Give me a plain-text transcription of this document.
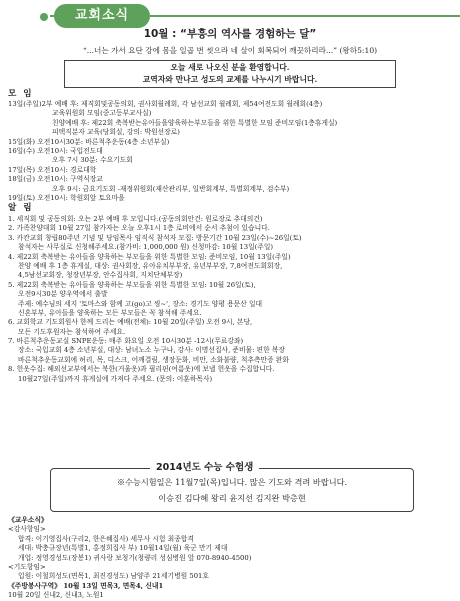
교회소식
10월 : “부흥의 역사를 경험하는 달”
“...너는 가서 요단 강에 몸을 일곱 번 씻으라 네 살이 회복되어 깨끗하리라...” (왕하5:10)
오늘 새로 나오신 분을 환영합니다.
교역자와 만나고 성도의 교제를 나누시기 바랍니다.
모 임
13일(주일)2부 예배 후: 제직회및공동의회, 권사회월례회, 각 남선교회 월례회, 제54여전도회 월례회(4층)
교육위원회 모임(중고등부교사실)
친양예배 후: 제22회 축복받는유아들을양육하는부모들을 위한 특별한 모임 준비모임(1층휴게실)
피택직분자 교육(당회실, 강의: 박원선장로)
15일(화) 오전10시30분: 바른척추운동(4층 소년부실)
16일(수) 오전10시: 국입전도대
오후 7시 30분: 수요기도회
17일(목) 오전10시: 경로대학
18일(금) 오전10시: 구역식장교
오후 9시: 금요기도회 -재정위원회(재산관리부, 일반회계부, 특별회계부, 검수부)
19일(토) 오전10시: 학원회앞 토요마을
알 림
1. 세직회 및 공동의회: 오는 2부 예배 후 모입니다.(공동의회안건: 원로장로 추대의건)
2. 가족찬양대회 10월 27일 참가자는 오늘 오후1시 1층 로비에서 순서 추첨이 있습니다.
3. 카칸교회 창립80주년 기념 및 당임목사 임직식 참석자 모집: 방문기간 10월 23일(수)~26일(토)
참석자는 사무실로 신청해주세요.(참가비: 1,000,000 원) 신청마감: 10월 13일(주일)
4. 제22회 축복받는 유아들을 양육하는 부모들을 위한 특별한 모임: 준비모임, 10월 13일(주일)
찬양 예배 후 1층 휴게실, 대상: 권사회장, 유아유치부부장, 유년부부장, 7,8여전도회회장,
4,5남선교회장, 청장년부장, 안수집사회, 지치단체부장)
5. 제22회 축복받는 유아들을 양육하는 부모들을 위한 특별한 모임: 10월 26일(토),
오전9시30분 양우역에서 출발
주제: 예수님의 세지 '토마스와 함께 고(go)고 씽~', 장소: 경기도 양평 용문산 일대
신혼부부, 유아들을 양육하는 모든 부모들은 꼭 참석해 주세요.
6. 교회학교 기도회원사 한께 드리는 예배(전체): 10월 20일(주일) 오전 9시, 본당,
모든 기도후원자는 참석하여 주세요.
7. 바른척추운동교실 SNPE운동: 매주 화요일 오전 10시30분 -12시(무료강좌)
장소: 국입교회 4층 소년부실, 대상: 남녀노소 누구나, 강사: 이명선집사, 준비물: 편한 복장
바른척추운동교회에 허리, 목, 디스크, 어깨결림, 생장둔화, 비만, 소화불량, 척추측만증 완화
8. 헌옷수집: 해외선교부에서는 북한(거울옷)과 필리핀(여름옷)에 보낼 헌옷을 수집합니다.
10월27일(주일)까지 휴게실에 가져다 주세요. (문의: 이훈하목사)
2014년도 수능 수험생
※수능시험일은 11월7일(목)입니다. 많은 기도와 격려 바랍니다.
이승진 김다혜 왕리 윤지선 김지완 박층현
《교우소식》
<감사항임>
합격: 이기영집사(구리2, 한은혜집사) 세무사 시험 최종합격
세대: 박충규장년(특별1, 홍정희집사 부) 10월14일(월) 육군 만기 제대
개업: 정영경성도(장봉1) 귀사랑 보청기(청량리 성심병원 앞 070-8940-4500)
<기도항임>
입원: 이철희성도(면목1, 최진경성도) 남양주 21세기병원 501호
《주방봉사구역》 10월 13일 면목3, 면목4, 신내1
10월 20일 신내2, 신내3, 노원1
